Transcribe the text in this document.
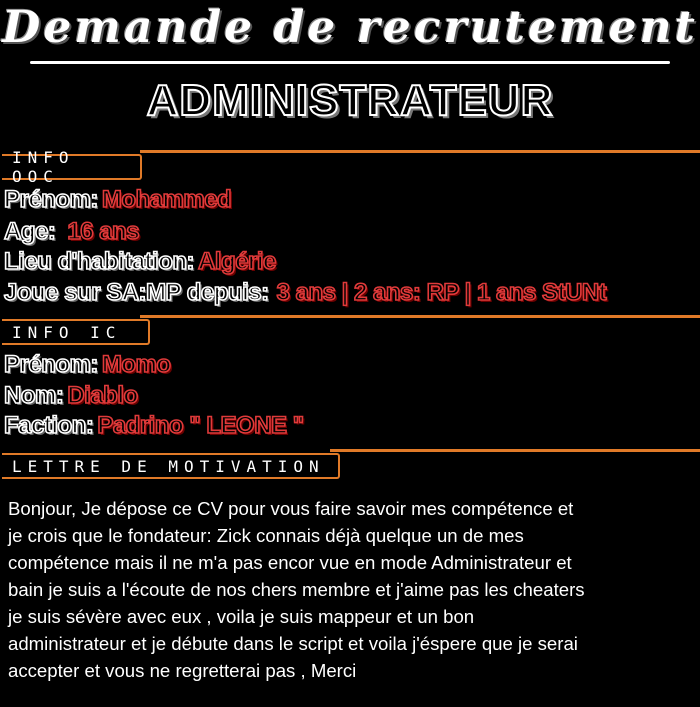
Demande de recrutement
ADMINISTRATEUR
INFO OOC
Prénom: Mohammed
Age: 16 ans
Lieu d'habitation: Algérie
Joue sur SA:MP depuis: 3 ans | 2 ans: RP | 1 ans StUNt
INFO IC
Prénom: Momo
Nom: Diablo
Faction: Padrino " LEONE "
LETTRE DE MOTIVATION
Bonjour, Je dépose ce CV pour vous faire savoir mes compétence et
je crois que le fondateur: Zick connais déjà quelque un de mes
compétence mais il ne m'a pas encor vue en mode Administrateur et
bain je suis a l'écoute de nos chers membre et j'aime pas les cheaters
je suis sévère avec eux , voila je suis mappeur et un bon
administrateur et je débute dans le script et voila j'éspere que je serai
accepter et vous ne regretterai pas , Merci
